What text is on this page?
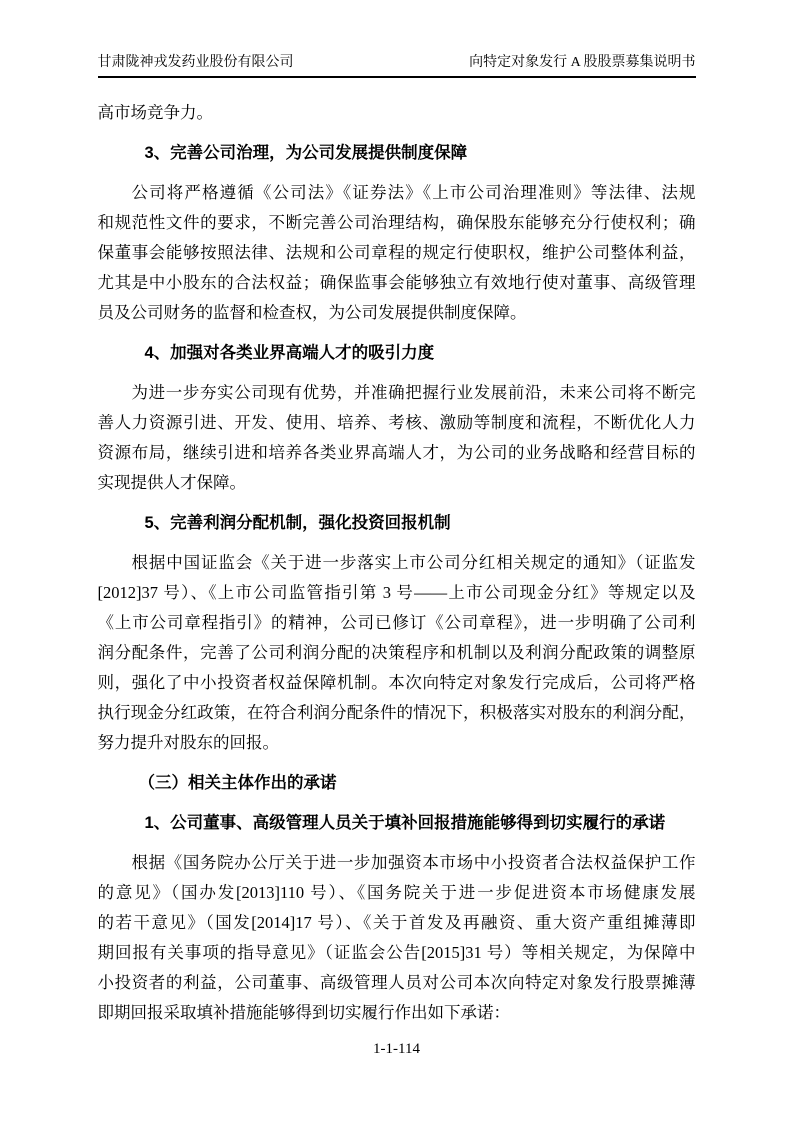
甘肃陇神戎发药业股份有限公司	向特定对象发行 A 股股票募集说明书
高市场竞争力。
3、完善公司治理，为公司发展提供制度保障
公司将严格遵循《公司法》《证券法》《上市公司治理准则》等法律、法规
和规范性文件的要求，不断完善公司治理结构，确保股东能够充分行使权利；确
保董事会能够按照法律、法规和公司章程的规定行使职权，维护公司整体利益，
尤其是中小股东的合法权益；确保监事会能够独立有效地行使对董事、高级管理
员及公司财务的监督和检查权，为公司发展提供制度保障。
4、加强对各类业界高端人才的吸引力度
为进一步夯实公司现有优势，并准确把握行业发展前沿，未来公司将不断完
善人力资源引进、开发、使用、培养、考核、激励等制度和流程，不断优化人力
资源布局，继续引进和培养各类业界高端人才，为公司的业务战略和经营目标的
实现提供人才保障。
5、完善利润分配机制，强化投资回报机制
根据中国证监会《关于进一步落实上市公司分红相关规定的通知》（证监发
[2012]37 号）、《上市公司监管指引第 3 号——上市公司现金分红》等规定以及
《上市公司章程指引》的精神，公司已修订《公司章程》，进一步明确了公司利
润分配条件，完善了公司利润分配的决策程序和机制以及利润分配政策的调整原
则，强化了中小投资者权益保障机制。本次向特定对象发行完成后，公司将严格
执行现金分红政策，在符合利润分配条件的情况下，积极落实对股东的利润分配，
努力提升对股东的回报。
（三）相关主体作出的承诺
1、公司董事、高级管理人员关于填补回报措施能够得到切实履行的承诺
根据《国务院办公厅关于进一步加强资本市场中小投资者合法权益保护工作
的意见》（国办发[2013]110 号）、《国务院关于进一步促进资本市场健康发展
的若干意见》（国发[2014]17 号）、《关于首发及再融资、重大资产重组摊薄即
期回报有关事项的指导意见》（证监会公告[2015]31 号）等相关规定，为保障中
小投资者的利益，公司董事、高级管理人员对公司本次向特定对象发行股票摊薄
即期回报采取填补措施能够得到切实履行作出如下承诺：
1-1-114
